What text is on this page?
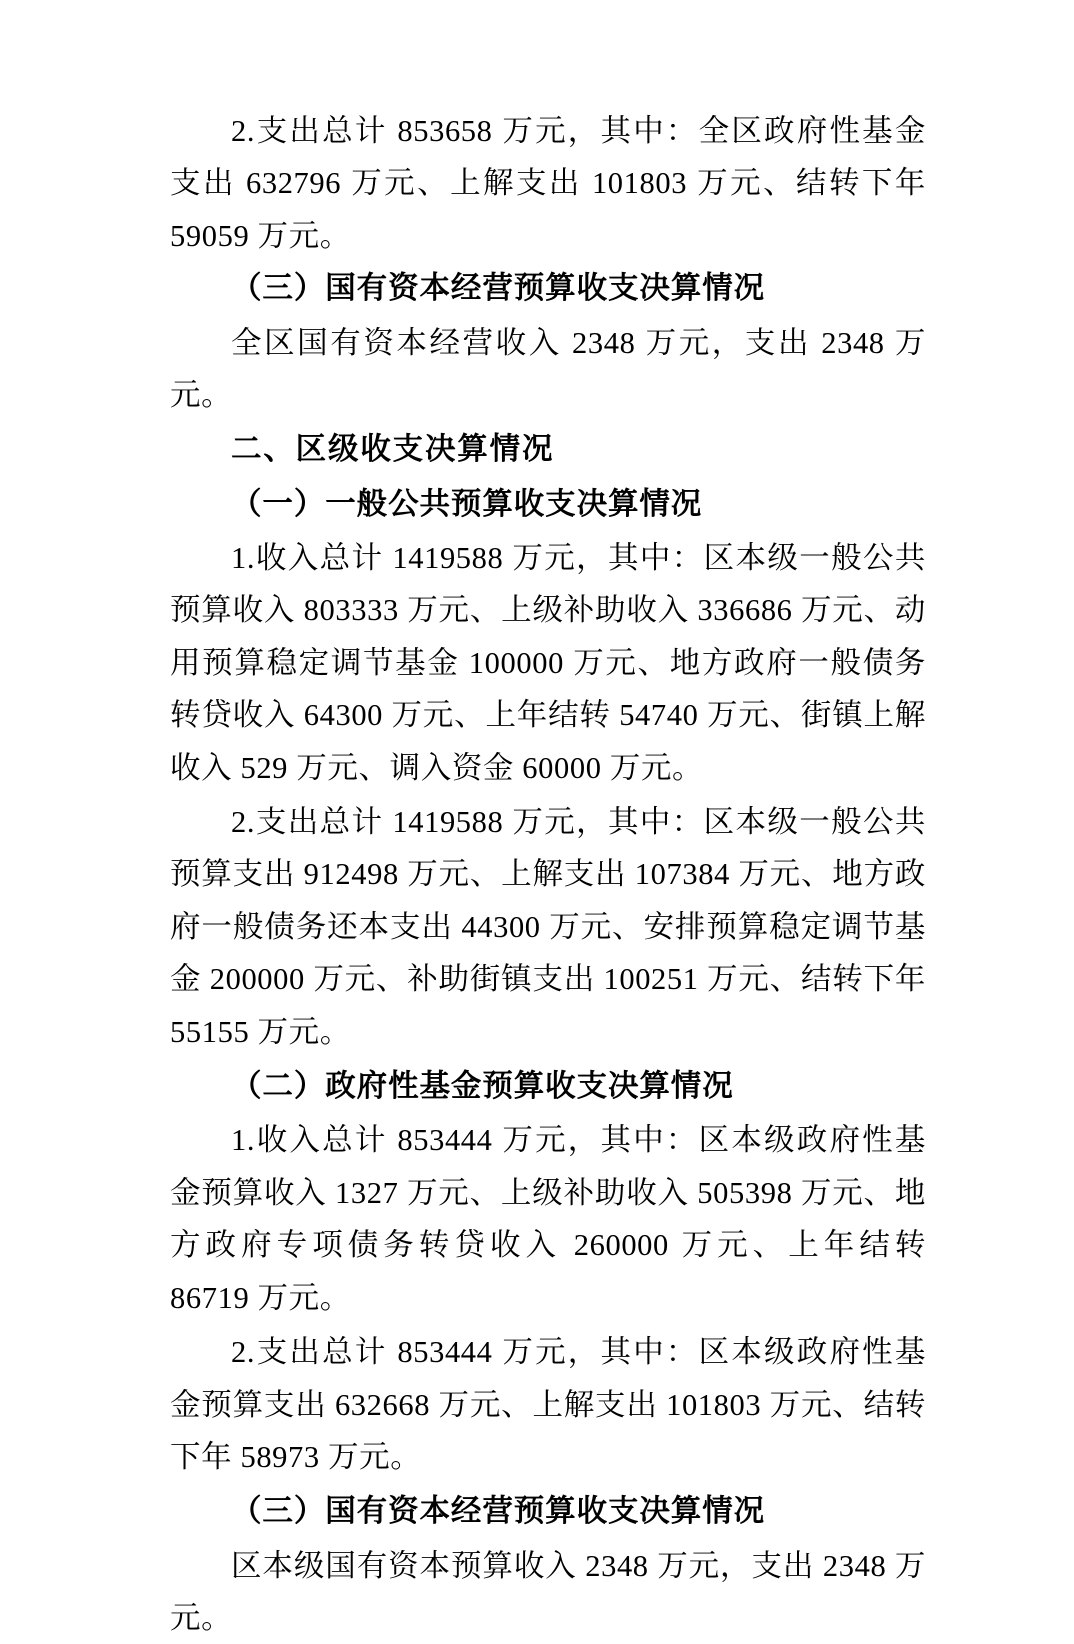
2.支出总计 853658 万元，其中：全区政府性基金支出 632796 万元、上解支出 101803 万元、结转下年 59059 万元。

（三）国有资本经营预算收支决算情况

全区国有资本经营收入 2348 万元，支出 2348 万元。

二、区级收支决算情况

（一）一般公共预算收支决算情况

1.收入总计 1419588 万元，其中：区本级一般公共预算收入 803333 万元、上级补助收入 336686 万元、动用预算稳定调节基金 100000 万元、地方政府一般债务转贷收入 64300 万元、上年结转 54740 万元、街镇上解收入 529 万元、调入资金 60000 万元。

2.支出总计 1419588 万元，其中：区本级一般公共预算支出 912498 万元、上解支出 107384 万元、地方政府一般债务还本支出 44300 万元、安排预算稳定调节基金 200000 万元、补助街镇支出 100251 万元、结转下年 55155 万元。

（二）政府性基金预算收支决算情况

1.收入总计 853444 万元，其中：区本级政府性基金预算收入 1327 万元、上级补助收入 505398 万元、地方政府专项债务转贷收入 260000 万元、上年结转 86719 万元。

2.支出总计 853444 万元，其中：区本级政府性基金预算支出 632668 万元、上解支出 101803 万元、结转下年 58973 万元。

（三）国有资本经营预算收支决算情况

区本级国有资本预算收入 2348 万元，支出 2348 万元。
